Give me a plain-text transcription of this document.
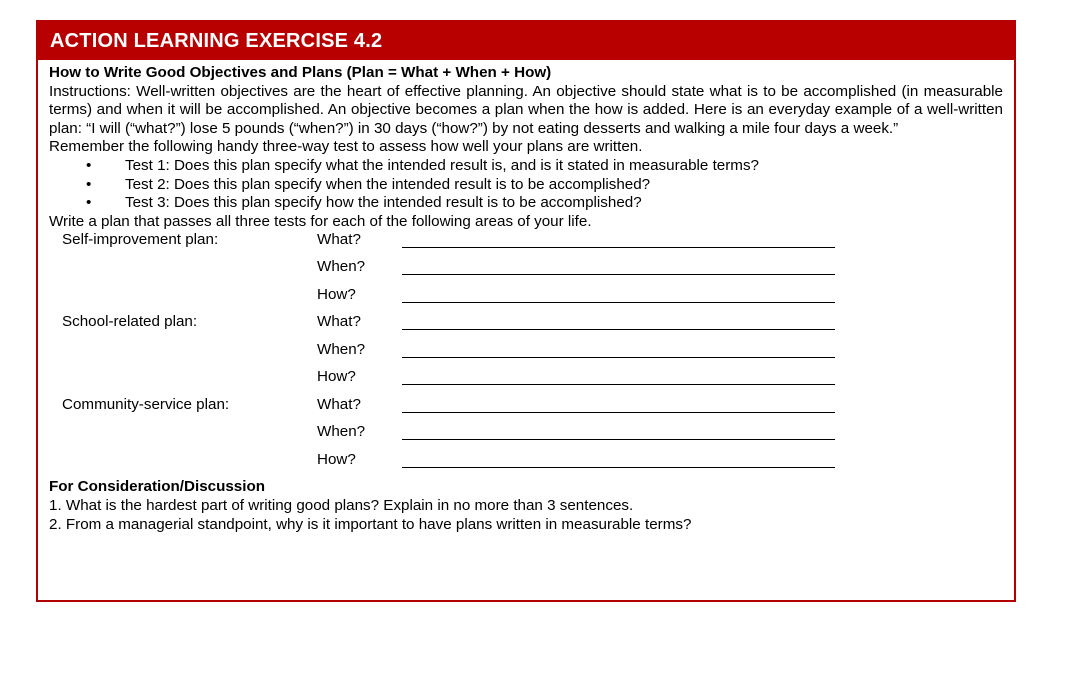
ACTION LEARNING EXERCISE 4.2
How to Write Good Objectives and Plans (Plan = What + When + How)
Instructions: Well-written objectives are the heart of effective planning. An objective should state what is to be accomplished (in measurable terms) and when it will be accomplished. An objective becomes a plan when the how is added. Here is an everyday example of a well-written plan: “I will (“what?”) lose 5 pounds (“when?”) in 30 days (“how?”) by not eating desserts and walking a mile four days a week.”
Remember the following handy three-way test to assess how well your plans are written.
• Test 1: Does this plan specify what the intended result is, and is it stated in measurable terms?
• Test 2: Does this plan specify when the intended result is to be accomplished?
• Test 3: Does this plan specify how the intended result is to be accomplished?
Write a plan that passes all three tests for each of the following areas of your life.
Self-improvement plan:	What?
When?
How?
School-related plan:	What?
When?
How?
Community-service plan:	What?
When?
How?
For Consideration/Discussion
1. What is the hardest part of writing good plans? Explain in no more than 3 sentences.
2. From a managerial standpoint, why is it important to have plans written in measurable terms?
